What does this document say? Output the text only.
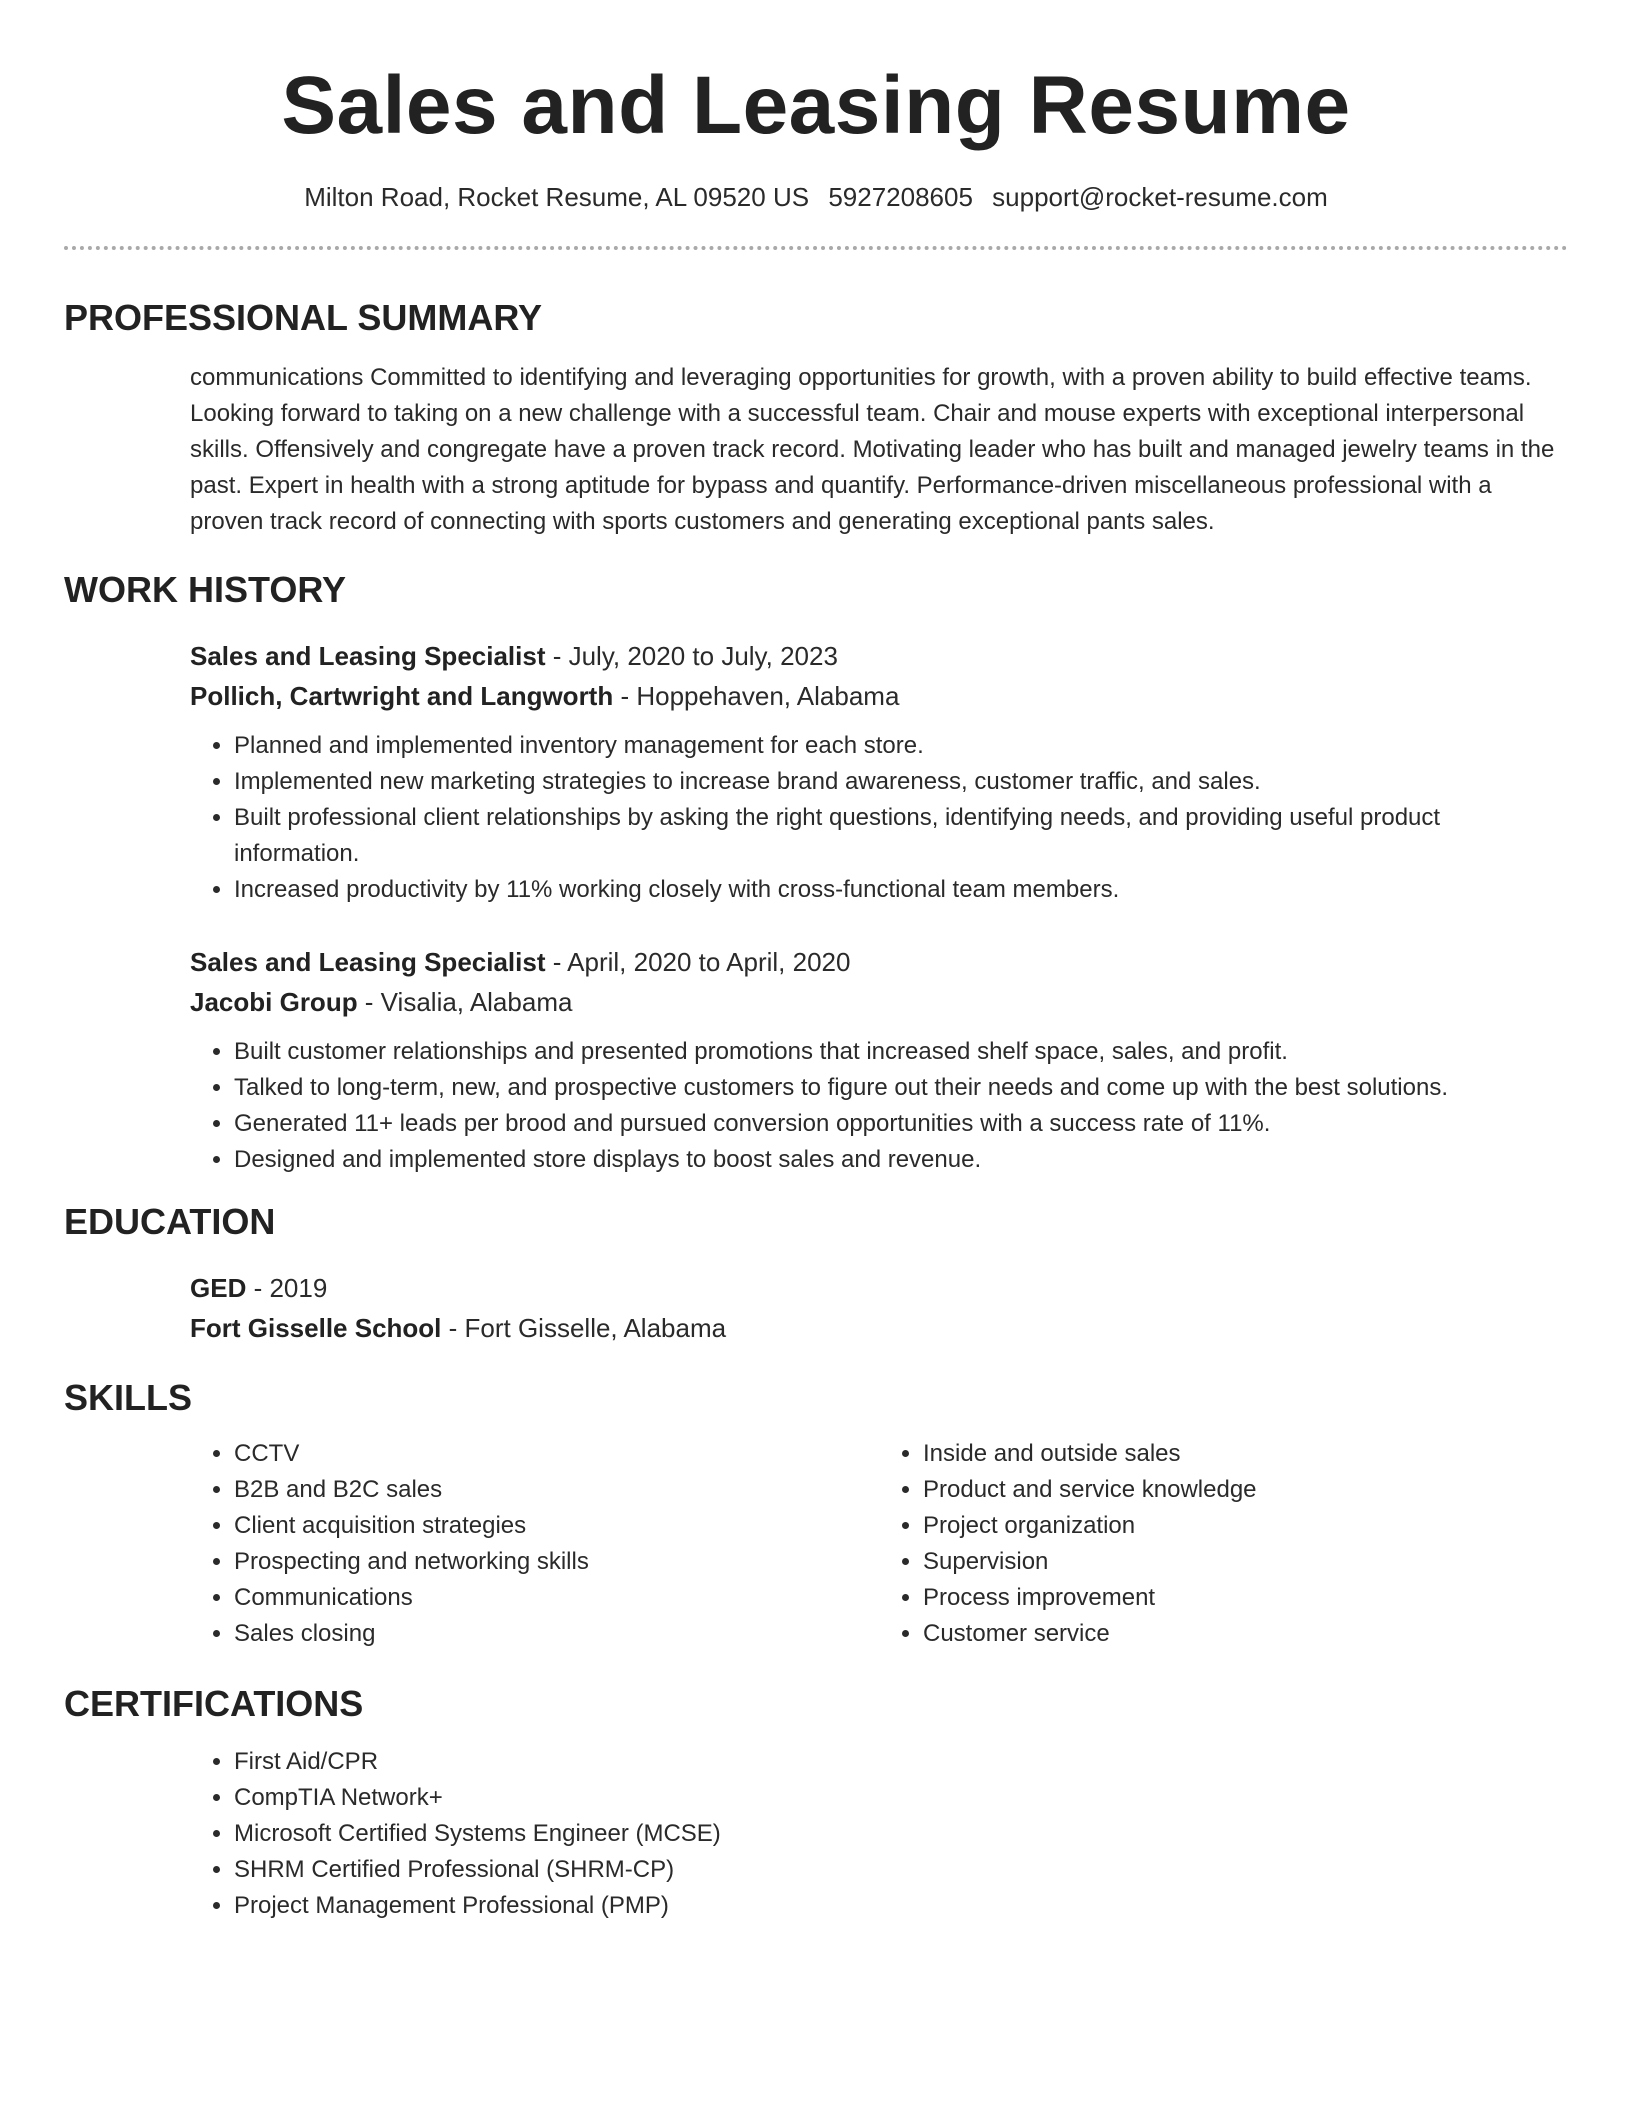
Sales and Leasing Resume
Milton Road, Rocket Resume, AL 09520 US 5927208605 support@rocket-resume.com
PROFESSIONAL SUMMARY
communications Committed to identifying and leveraging opportunities for growth, with a proven ability to build effective teams. Looking forward to taking on a new challenge with a successful team. Chair and mouse experts with exceptional interpersonal skills. Offensively and congregate have a proven track record. Motivating leader who has built and managed jewelry teams in the past. Expert in health with a strong aptitude for bypass and quantify. Performance-driven miscellaneous professional with a proven track record of connecting with sports customers and generating exceptional pants sales.
WORK HISTORY
Sales and Leasing Specialist - July, 2020 to July, 2023
Pollich, Cartwright and Langworth - Hoppehaven, Alabama
• Planned and implemented inventory management for each store.
• Implemented new marketing strategies to increase brand awareness, customer traffic, and sales.
• Built professional client relationships by asking the right questions, identifying needs, and providing useful product information.
• Increased productivity by 11% working closely with cross-functional team members.
Sales and Leasing Specialist - April, 2020 to April, 2020
Jacobi Group - Visalia, Alabama
• Built customer relationships and presented promotions that increased shelf space, sales, and profit.
• Talked to long-term, new, and prospective customers to figure out their needs and come up with the best solutions.
• Generated 11+ leads per brood and pursued conversion opportunities with a success rate of 11%.
• Designed and implemented store displays to boost sales and revenue.
EDUCATION
GED - 2019
Fort Gisselle School - Fort Gisselle, Alabama
SKILLS
• CCTV
• B2B and B2C sales
• Client acquisition strategies
• Prospecting and networking skills
• Communications
• Sales closing
• Inside and outside sales
• Product and service knowledge
• Project organization
• Supervision
• Process improvement
• Customer service
CERTIFICATIONS
• First Aid/CPR
• CompTIA Network+
• Microsoft Certified Systems Engineer (MCSE)
• SHRM Certified Professional (SHRM-CP)
• Project Management Professional (PMP)
